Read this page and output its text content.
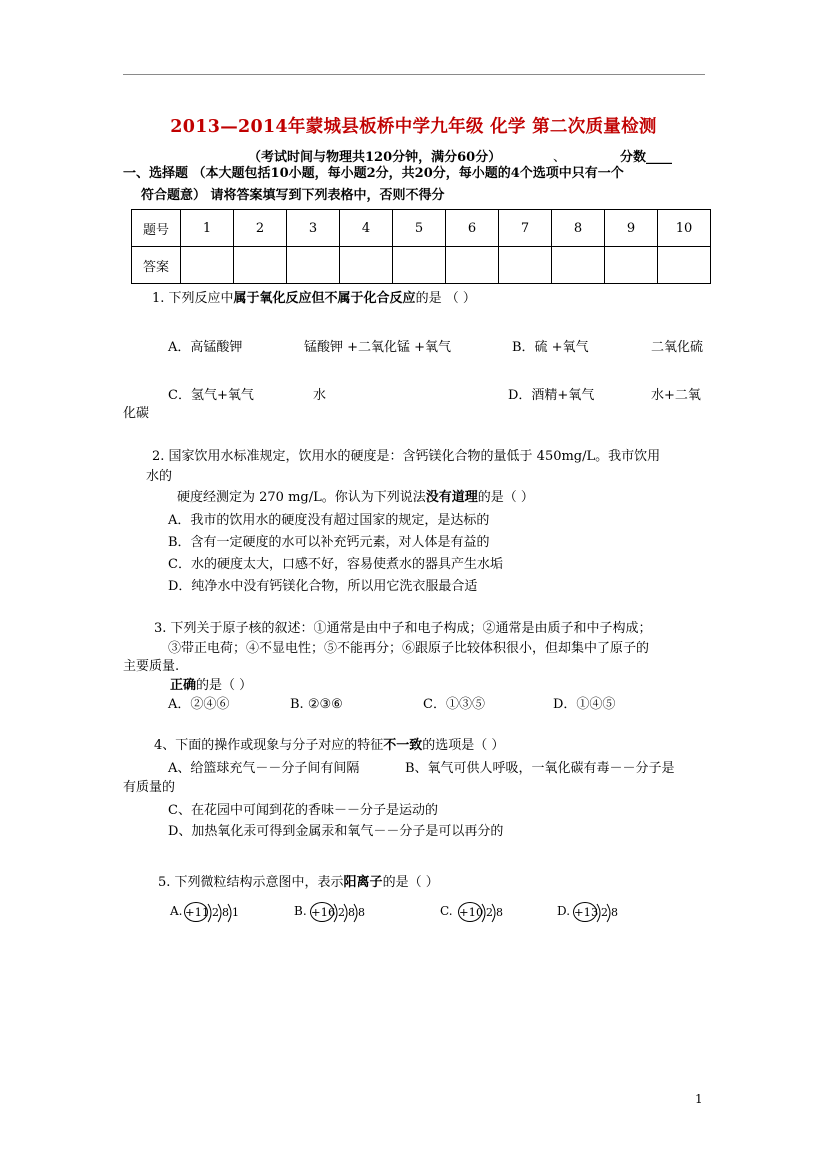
2013—2014年蒙城县板桥中学九年级 化学 第二次质量检测
（考试时间与物理共120分钟，满分60分）	、	分数____
一、选择题 （本大题包括10小题，每小题2分，共20分，每小题的4个选项中只有一个
符合题意） 请将答案填写到下列表格中，否则不得分
题号	1	2	3	4	5	6	7	8	9	10
答案										
1. 下列反应中属于氧化反应但不属于化合反应的是 （ ）
A．高锰酸钾	锰酸钾 +二氧化锰 +氧气	B．硫 +氧气	二氧化硫
C．氢气+氧气	水	D．酒精+氧气	水+二氧
化碳
2. 国家饮用水标准规定，饮用水的硬度是：含钙镁化合物的量低于 450mg/L。我市饮用
水的
硬度经测定为 270 mg/L。你认为下列说法没有道理的是（ ）
A．我市的饮用水的硬度没有超过国家的规定，是达标的
B．含有一定硬度的水可以补充钙元素，对人体是有益的
C．水的硬度太大，口感不好，容易使煮水的器具产生水垢
D．纯净水中没有钙镁化合物，所以用它洗衣服最合适
3. 下列关于原子核的叙述：①通常是由中子和电子构成；②通常是由质子和中子构成；
③带正电荷；④不显电性；⑤不能再分；⑥跟原子比较体积很小，但却集中了原子的
主要质量.
正确的是（ ）
A．②④⑥	B. ②③⑥	C．①③⑤	D．①④⑤
4、下面的操作或现象与分子对应的特征不一致的选项是（ ）
A、给篮球充气－－分子间有间隔	B、氧气可供人呼吸，一氧化碳有毒－－分子是
有质量的
C、在花园中可闻到花的香味－－分子是运动的
D、加热氧化汞可得到金属汞和氧气－－分子是可以再分的
5. 下列微粒结构示意图中，表示阳离子的是（ ）
A. +11 2 8 1	B. +16 2 8 8	C. +10 2 8	D. +13 2 8
1
